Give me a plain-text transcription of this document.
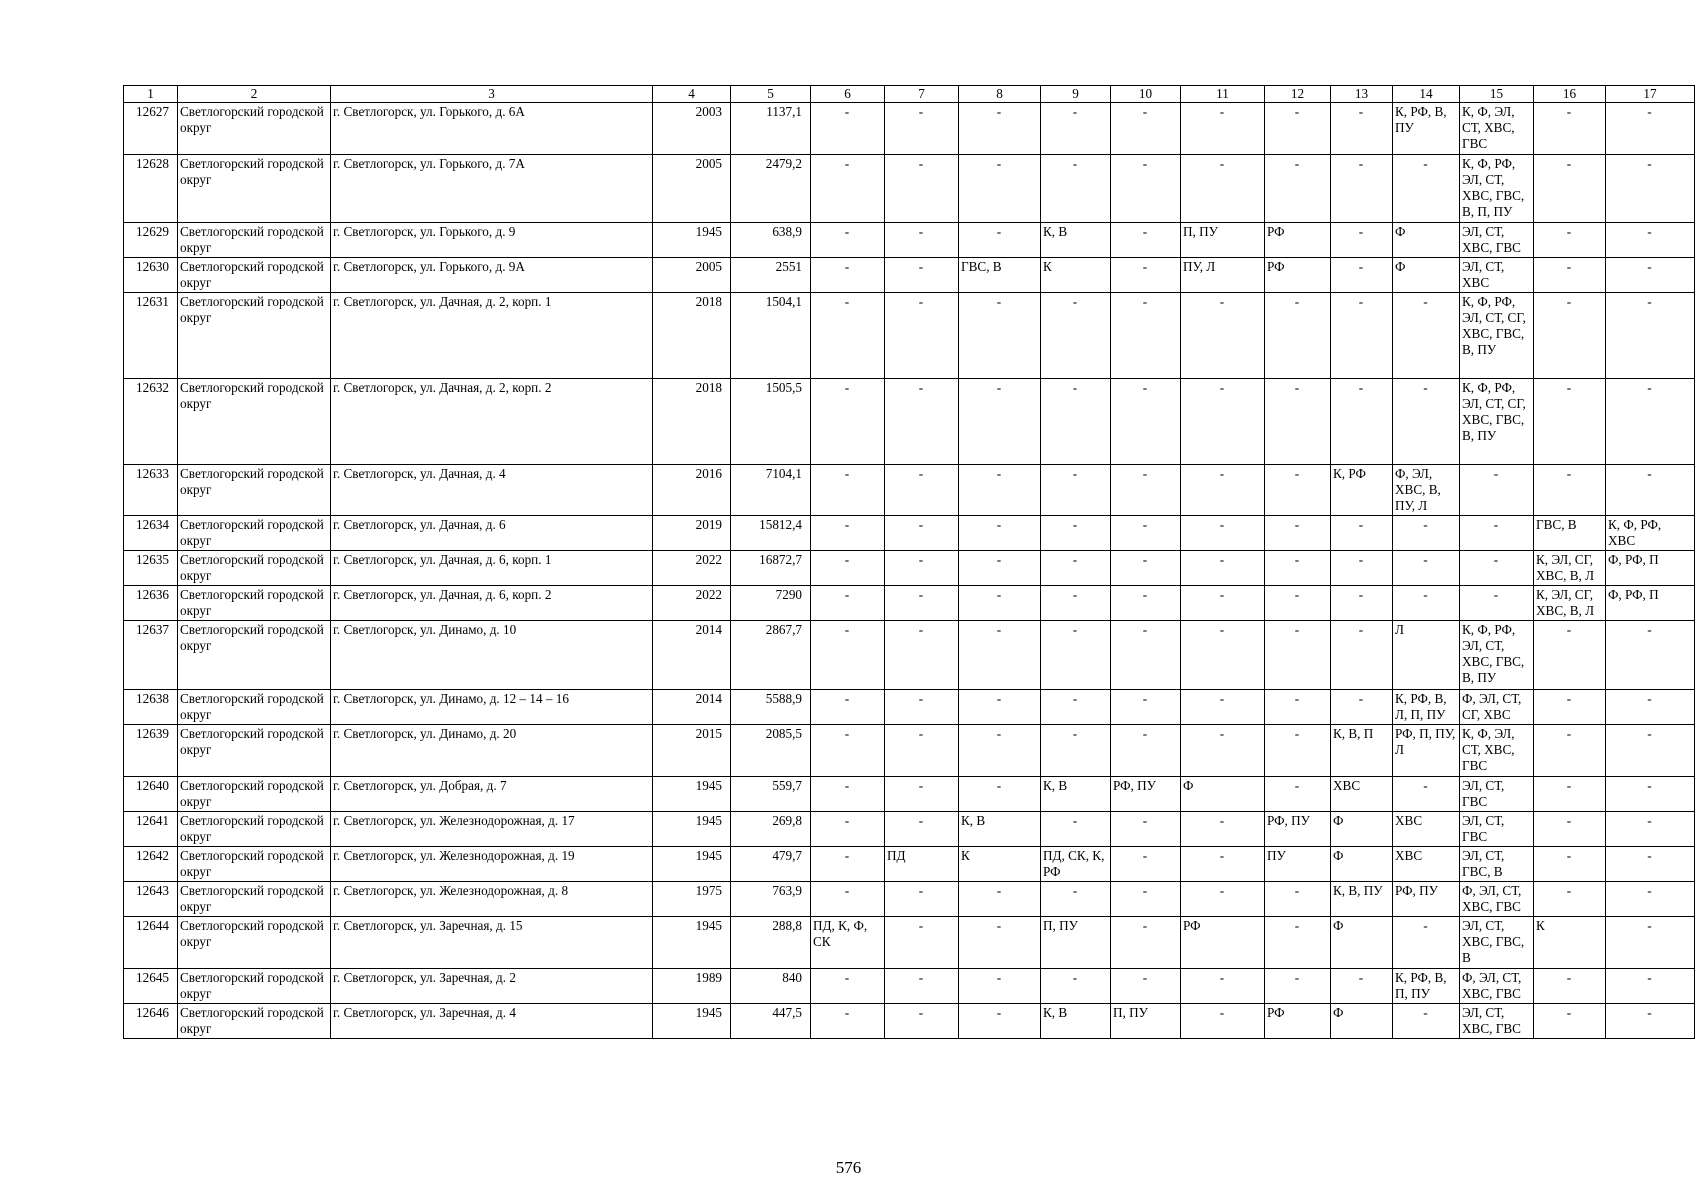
1	2	3	4	5	6	7	8	9	10	11	12	13	14	15	16	17
12627	Светлогорский городской округ	г. Светлогорск, ул. Горького, д. 6А	2003	1137,1	-	-	-	-	-	-	-	-	К, РФ, В, ПУ	К, Ф, ЭЛ, СТ, ХВС, ГВС	-	-
12628	Светлогорский городской округ	г. Светлогорск, ул. Горького, д. 7А	2005	2479,2	-	-	-	-	-	-	-	-	-	К, Ф, РФ, ЭЛ, СТ, ХВС, ГВС, В, П, ПУ	-	-
12629	Светлогорский городской округ	г. Светлогорск, ул. Горького, д. 9	1945	638,9	-	-	-	К, В	-	П, ПУ	РФ	-	Ф	ЭЛ, СТ, ХВС, ГВС	-	-
12630	Светлогорский городской округ	г. Светлогорск, ул. Горького, д. 9А	2005	2551	-	-	ГВС, В	К	-	ПУ, Л	РФ	-	Ф	ЭЛ, СТ, ХВС	-	-
12631	Светлогорский городской округ	г. Светлогорск, ул. Дачная, д. 2, корп. 1	2018	1504,1	-	-	-	-	-	-	-	-	-	К, Ф, РФ, ЭЛ, СТ, СГ, ХВС, ГВС, В, ПУ	-	-
12632	Светлогорский городской округ	г. Светлогорск, ул. Дачная, д. 2, корп. 2	2018	1505,5	-	-	-	-	-	-	-	-	-	К, Ф, РФ, ЭЛ, СТ, СГ, ХВС, ГВС, В, ПУ	-	-
12633	Светлогорский городской округ	г. Светлогорск, ул. Дачная, д. 4	2016	7104,1	-	-	-	-	-	-	-	К, РФ	Ф, ЭЛ, ХВС, В, ПУ, Л	-	-	-
12634	Светлогорский городской округ	г. Светлогорск, ул. Дачная, д. 6	2019	15812,4	-	-	-	-	-	-	-	-	-	-	ГВС, В	К, Ф, РФ, ХВС
12635	Светлогорский городской округ	г. Светлогорск, ул. Дачная, д. 6, корп. 1	2022	16872,7	-	-	-	-	-	-	-	-	-	-	К, ЭЛ, СГ, ХВС, В, Л	Ф, РФ, П
12636	Светлогорский городской округ	г. Светлогорск, ул. Дачная, д. 6, корп. 2	2022	7290	-	-	-	-	-	-	-	-	-	-	К, ЭЛ, СГ, ХВС, В, Л	Ф, РФ, П
12637	Светлогорский городской округ	г. Светлогорск, ул. Динамо, д. 10	2014	2867,7	-	-	-	-	-	-	-	-	Л	К, Ф, РФ, ЭЛ, СТ, ХВС, ГВС, В, ПУ	-	-
12638	Светлогорский городской округ	г. Светлогорск, ул. Динамо, д. 12 – 14 – 16	2014	5588,9	-	-	-	-	-	-	-	-	К, РФ, В, Л, П, ПУ	Ф, ЭЛ, СТ, СГ, ХВС	-	-
12639	Светлогорский городской округ	г. Светлогорск, ул. Динамо, д. 20	2015	2085,5	-	-	-	-	-	-	-	К, В, П	РФ, П, ПУ, Л	К, Ф, ЭЛ, СТ, ХВС, ГВС	-	-
12640	Светлогорский городской округ	г. Светлогорск, ул. Добрая, д. 7	1945	559,7	-	-	-	К, В	РФ, ПУ	Ф	-	ХВС	-	ЭЛ, СТ, ГВС	-	-
12641	Светлогорский городской округ	г. Светлогорск, ул. Железнодорожная, д. 17	1945	269,8	-	-	К, В	-	-	-	РФ, ПУ	Ф	ХВС	ЭЛ, СТ, ГВС	-	-
12642	Светлогорский городской округ	г. Светлогорск, ул. Железнодорожная, д. 19	1945	479,7	-	ПД	К	ПД, СК, К, РФ	-	-	ПУ	Ф	ХВС	ЭЛ, СТ, ГВС, В	-	-
12643	Светлогорский городской округ	г. Светлогорск, ул. Железнодорожная, д. 8	1975	763,9	-	-	-	-	-	-	-	К, В, ПУ	РФ, ПУ	Ф, ЭЛ, СТ, ХВС, ГВС	-	-
12644	Светлогорский городской округ	г. Светлогорск, ул. Заречная, д. 15	1945	288,8	ПД, К, Ф, СК	-	-	П, ПУ	-	РФ	-	Ф	-	ЭЛ, СТ, ХВС, ГВС, В	К	-
12645	Светлогорский городской округ	г. Светлогорск, ул. Заречная, д. 2	1989	840	-	-	-	-	-	-	-	-	К, РФ, В, П, ПУ	Ф, ЭЛ, СТ, ХВС, ГВС	-	-
12646	Светлогорский городской округ	г. Светлогорск, ул. Заречная, д. 4	1945	447,5	-	-	-	К, В	П, ПУ	-	РФ	Ф	-	ЭЛ, СТ, ХВС, ГВС	-	-
576
